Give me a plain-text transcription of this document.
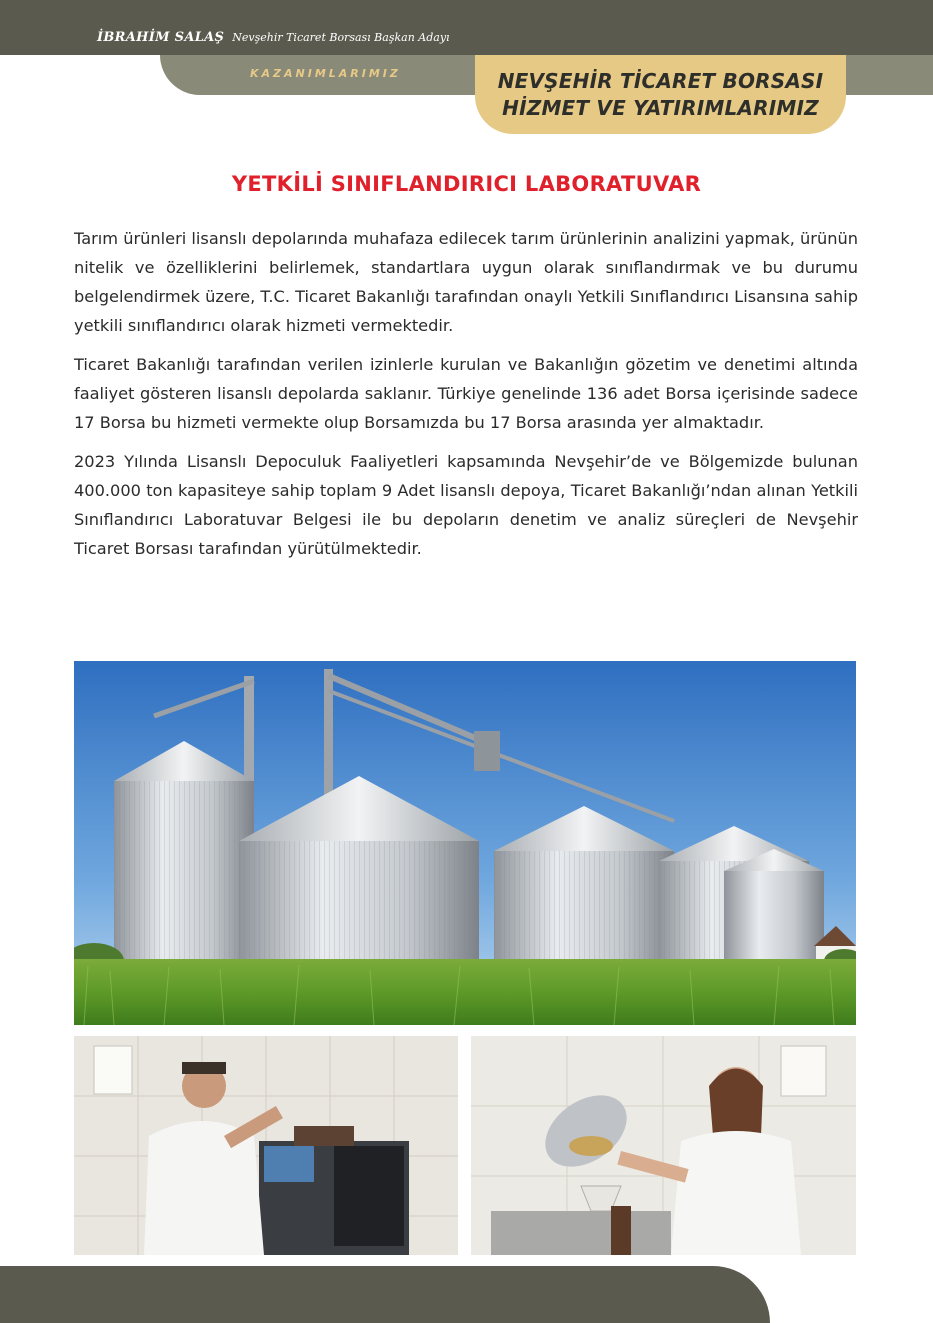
İBRAHİM SALAŞ Nevşehir Ticaret Borsası Başkan Adayı
KAZANIMLARIMIZ	NEVŞEHİR TİCARET BORSASI
HİZMET VE YATIRIMLARIMIZ
YETKİLİ SINIFLANDIRICI LABORATUVAR

Tarım ürünleri lisanslı depolarında muhafaza edilecek tarım ürünlerinin analizini yapmak, ürünün nitelik ve özelliklerini belirlemek, standartlara uygun olarak sınıflandırmak ve bu durumu belgelendirmek üzere, T.C. Ticaret Bakanlığı tarafından onaylı Yetkili Sınıflandırıcı Lisansına sahip yetkili sınıflandırıcı olarak hizmeti vermektedir.

Ticaret Bakanlığı tarafından verilen izinlerle kurulan ve Bakanlığın gözetim ve denetimi altında faaliyet gösteren lisanslı depolarda saklanır. Türkiye genelinde 136 adet Borsa içerisinde sadece 17 Borsa bu hizmeti vermekte olup Borsamızda bu 17 Borsa arasında yer almaktadır.

2023 Yılında Lisanslı Depoculuk Faaliyetleri kapsamında Nevşehir’de ve Bölgemizde bulunan 400.000 ton kapasiteye sahip toplam 9 Adet lisanslı depoya, Ticaret Bakanlığı’ndan alınan Yetkili Sınıflandırıcı Laboratuvar Belgesi ile bu depoların denetim ve analiz süreçleri de Nevşehir Ticaret Borsası tarafından yürütülmektedir.
